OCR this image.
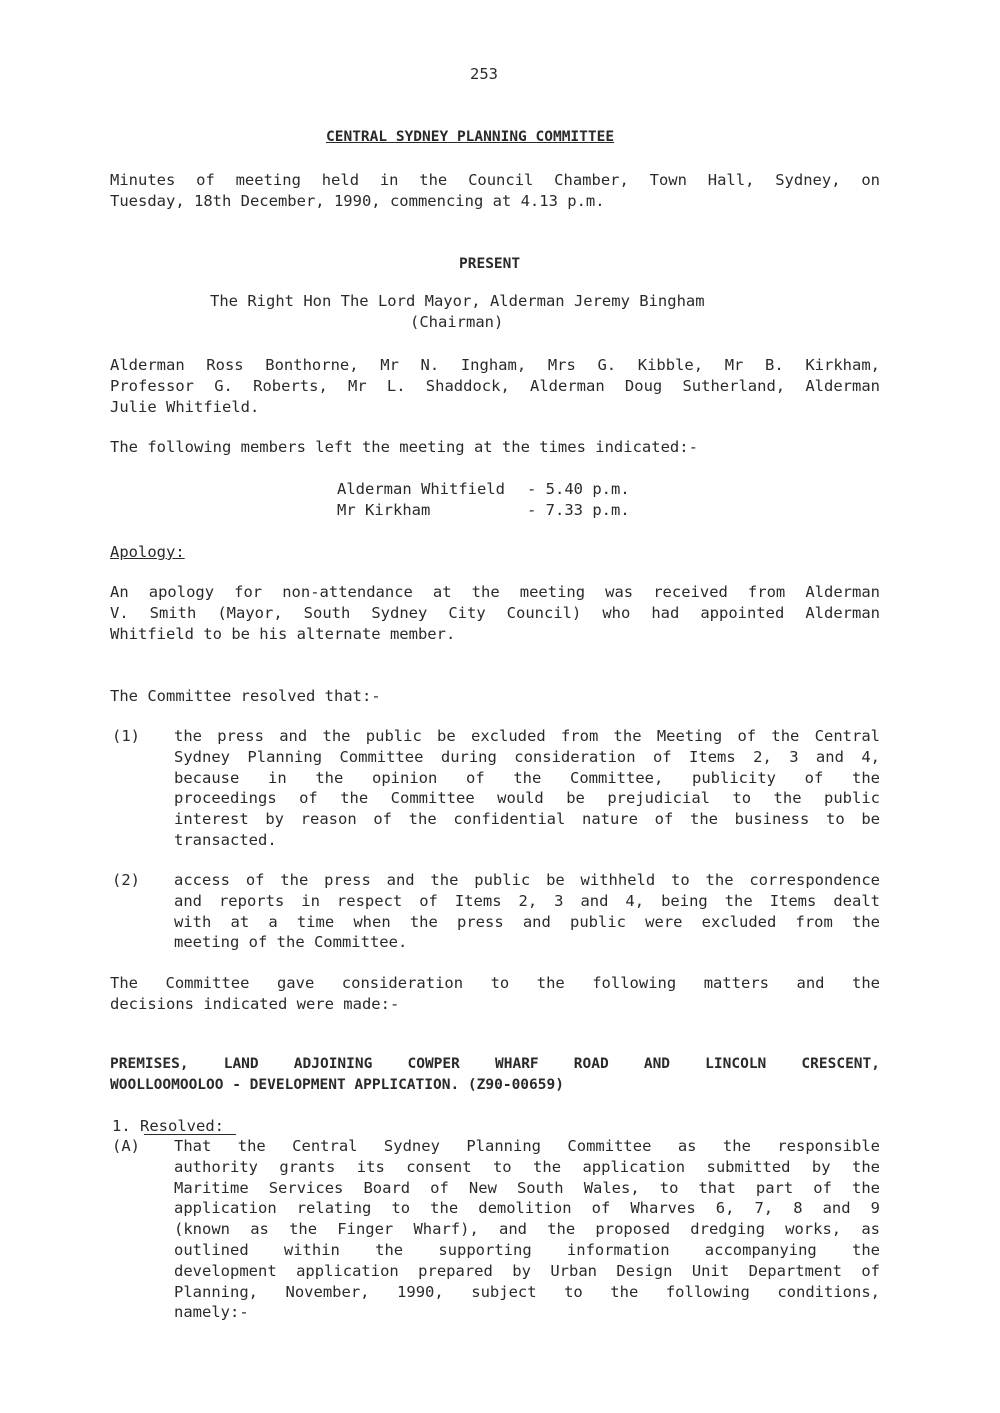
253
CENTRAL SYDNEY PLANNING COMMITTEE
Minutes of meeting held in the Council Chamber, Town Hall, Sydney, on
Tuesday, 18th December, 1990, commencing at 4.13 p.m.
PRESENT
The Right Hon The Lord Mayor, Alderman Jeremy Bingham
(Chairman)
Alderman Ross Bonthorne, Mr N. Ingham, Mrs G. Kibble, Mr B. Kirkham,
Professor G. Roberts, Mr L. Shaddock, Alderman Doug Sutherland, Alderman
Julie Whitfield.
The following members left the meeting at the times indicated:-
Alderman Whitfield - 5.40 p.m.
Mr Kirkham	- 7.33 p.m.
Apology:
An apology for non-attendance at the meeting was received from Alderman
V. Smith (Mayor, South Sydney City Council) who had appointed Alderman
Whitfield to be his alternate member.
The Committee resolved that:-
(1) the press and the public be excluded from the Meeting of the Central
Sydney Planning Committee during consideration of Items 2, 3 and 4,
because in the opinion of the Committee, publicity of the
proceedings of the Committee would be prejudicial to the public
interest by reason of the confidential nature of the business to be
transacted.
(2) access of the press and the public be withheld to the correspondence
and reports in respect of Items 2, 3 and 4, being the Items dealt
with at a time when the press and public were excluded from the
meeting of the Committee.
The Committee gave consideration to the following matters and the
decisions indicated were made:-
PREMISES, LAND ADJOINING COWPER WHARF ROAD AND LINCOLN CRESCENT,
WOOLLOOMOOLOO - DEVELOPMENT APPLICATION. (Z90-00659)
1. Resolved:
(A) That the Central Sydney Planning Committee as the responsible
authority grants its consent to the application submitted by the
Maritime Services Board of New South Wales, to that part of the
application relating to the demolition of Wharves 6, 7, 8 and 9
(known as the Finger Wharf), and the proposed dredging works, as
outlined within the supporting information accompanying the
development application prepared by Urban Design Unit Department of
Planning, November, 1990, subject to the following conditions,
namely:-
